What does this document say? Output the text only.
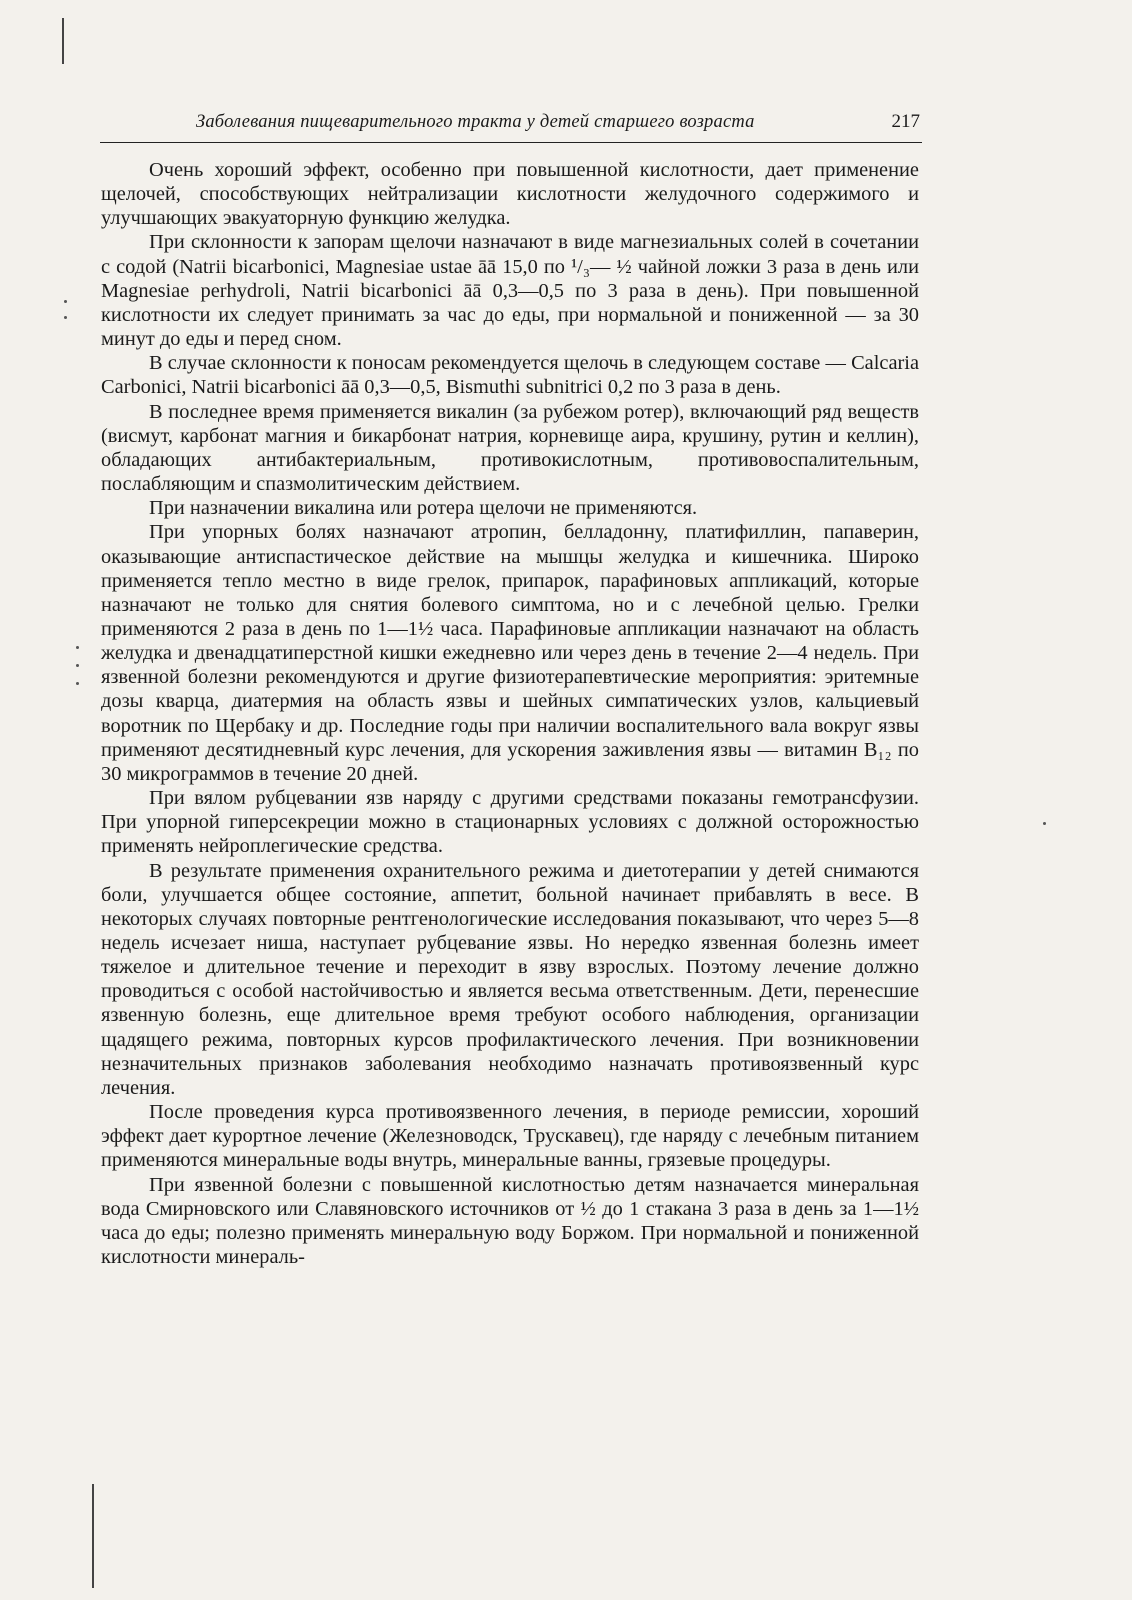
Заболевания пищеварительного тракта у детей старшего возраста	217

Очень хороший эффект, особенно при повышенной кислотности, дает применение щелочей, способствующих нейтрализации кислотности желудочного содержимого и улучшающих эвакуаторную функцию желудка.

При склонности к запорам щелочи назначают в виде магнезиальных солей в сочетании с содой (Natrii bicarbonici, Magnesiae ustae āā 15,0 по ¹/₃— ½ чайной ложки 3 раза в день или Magnesiae perhydroli, Natrii bicarbonici āā 0,3—0,5 по 3 раза в день). При повышенной кислотности их следует принимать за час до еды, при нормальной и пониженной — за 30 минут до еды и перед сном.

В случае склонности к поносам рекомендуется щелочь в следующем составе — Calcaria Carbonici, Natrii bicarbonici āā 0,3—0,5, Bismuthi subnitrici 0,2 по 3 раза в день.

В последнее время применяется викалин (за рубежом ротер), включающий ряд веществ (висмут, карбонат магния и бикарбонат натрия, корневище аира, крушину, рутин и келлин), обладающих антибактериальным, противокислотным, противовоспалительным, послабляющим и спазмолитическим действием.

При назначении викалина или ротера щелочи не применяются.

При упорных болях назначают атропин, белладонну, платифиллин, папаверин, оказывающие антиспастическое действие на мышцы желудка и кишечника. Широко применяется тепло местно в виде грелок, припарок, парафиновых аппликаций, которые назначают не только для снятия болевого симптома, но и с лечебной целью. Грелки применяются 2 раза в день по 1—1½ часа. Парафиновые аппликации назначают на область желудка и двенадцатиперстной кишки ежедневно или через день в течение 2—4 недель. При язвенной болезни рекомендуются и другие физиотерапевтические мероприятия: эритемные дозы кварца, диатермия на область язвы и шейных симпатических узлов, кальциевый воротник по Щербаку и др. Последние годы при наличии воспалительного вала вокруг язвы применяют десятидневный курс лечения, для ускорения заживления язвы — витамин B₁₂ по 30 микрограммов в течение 20 дней.

При вялом рубцевании язв наряду с другими средствами показаны гемотрансфузии. При упорной гиперсекреции можно в стационарных условиях с должной осторожностью применять нейроплегические средства.

В результате применения охранительного режима и диетотерапии у детей снимаются боли, улучшается общее состояние, аппетит, больной начинает прибавлять в весе. В некоторых случаях повторные рентгенологические исследования показывают, что через 5—8 недель исчезает ниша, наступает рубцевание язвы. Но нередко язвенная болезнь имеет тяжелое и длительное течение и переходит в язву взрослых. Поэтому лечение должно проводиться с особой настойчивостью и является весьма ответственным. Дети, перенесшие язвенную болезнь, еще длительное время требуют особого наблюдения, организации щадящего режима, повторных курсов профилактического лечения. При возникновении незначительных признаков заболевания необходимо назначать противоязвенный курс лечения.

После проведения курса противоязвенного лечения, в периоде ремиссии, хороший эффект дает курортное лечение (Железноводск, Трускавец), где наряду с лечебным питанием применяются минеральные воды внутрь, минеральные ванны, грязевые процедуры.

При язвенной болезни с повышенной кислотностью детям назначается минеральная вода Смирновского или Славяновского источников от ½ до 1 стакана 3 раза в день за 1—1½ часа до еды; полезно применять минеральную воду Боржом. При нормальной и пониженной кислотности минераль-
